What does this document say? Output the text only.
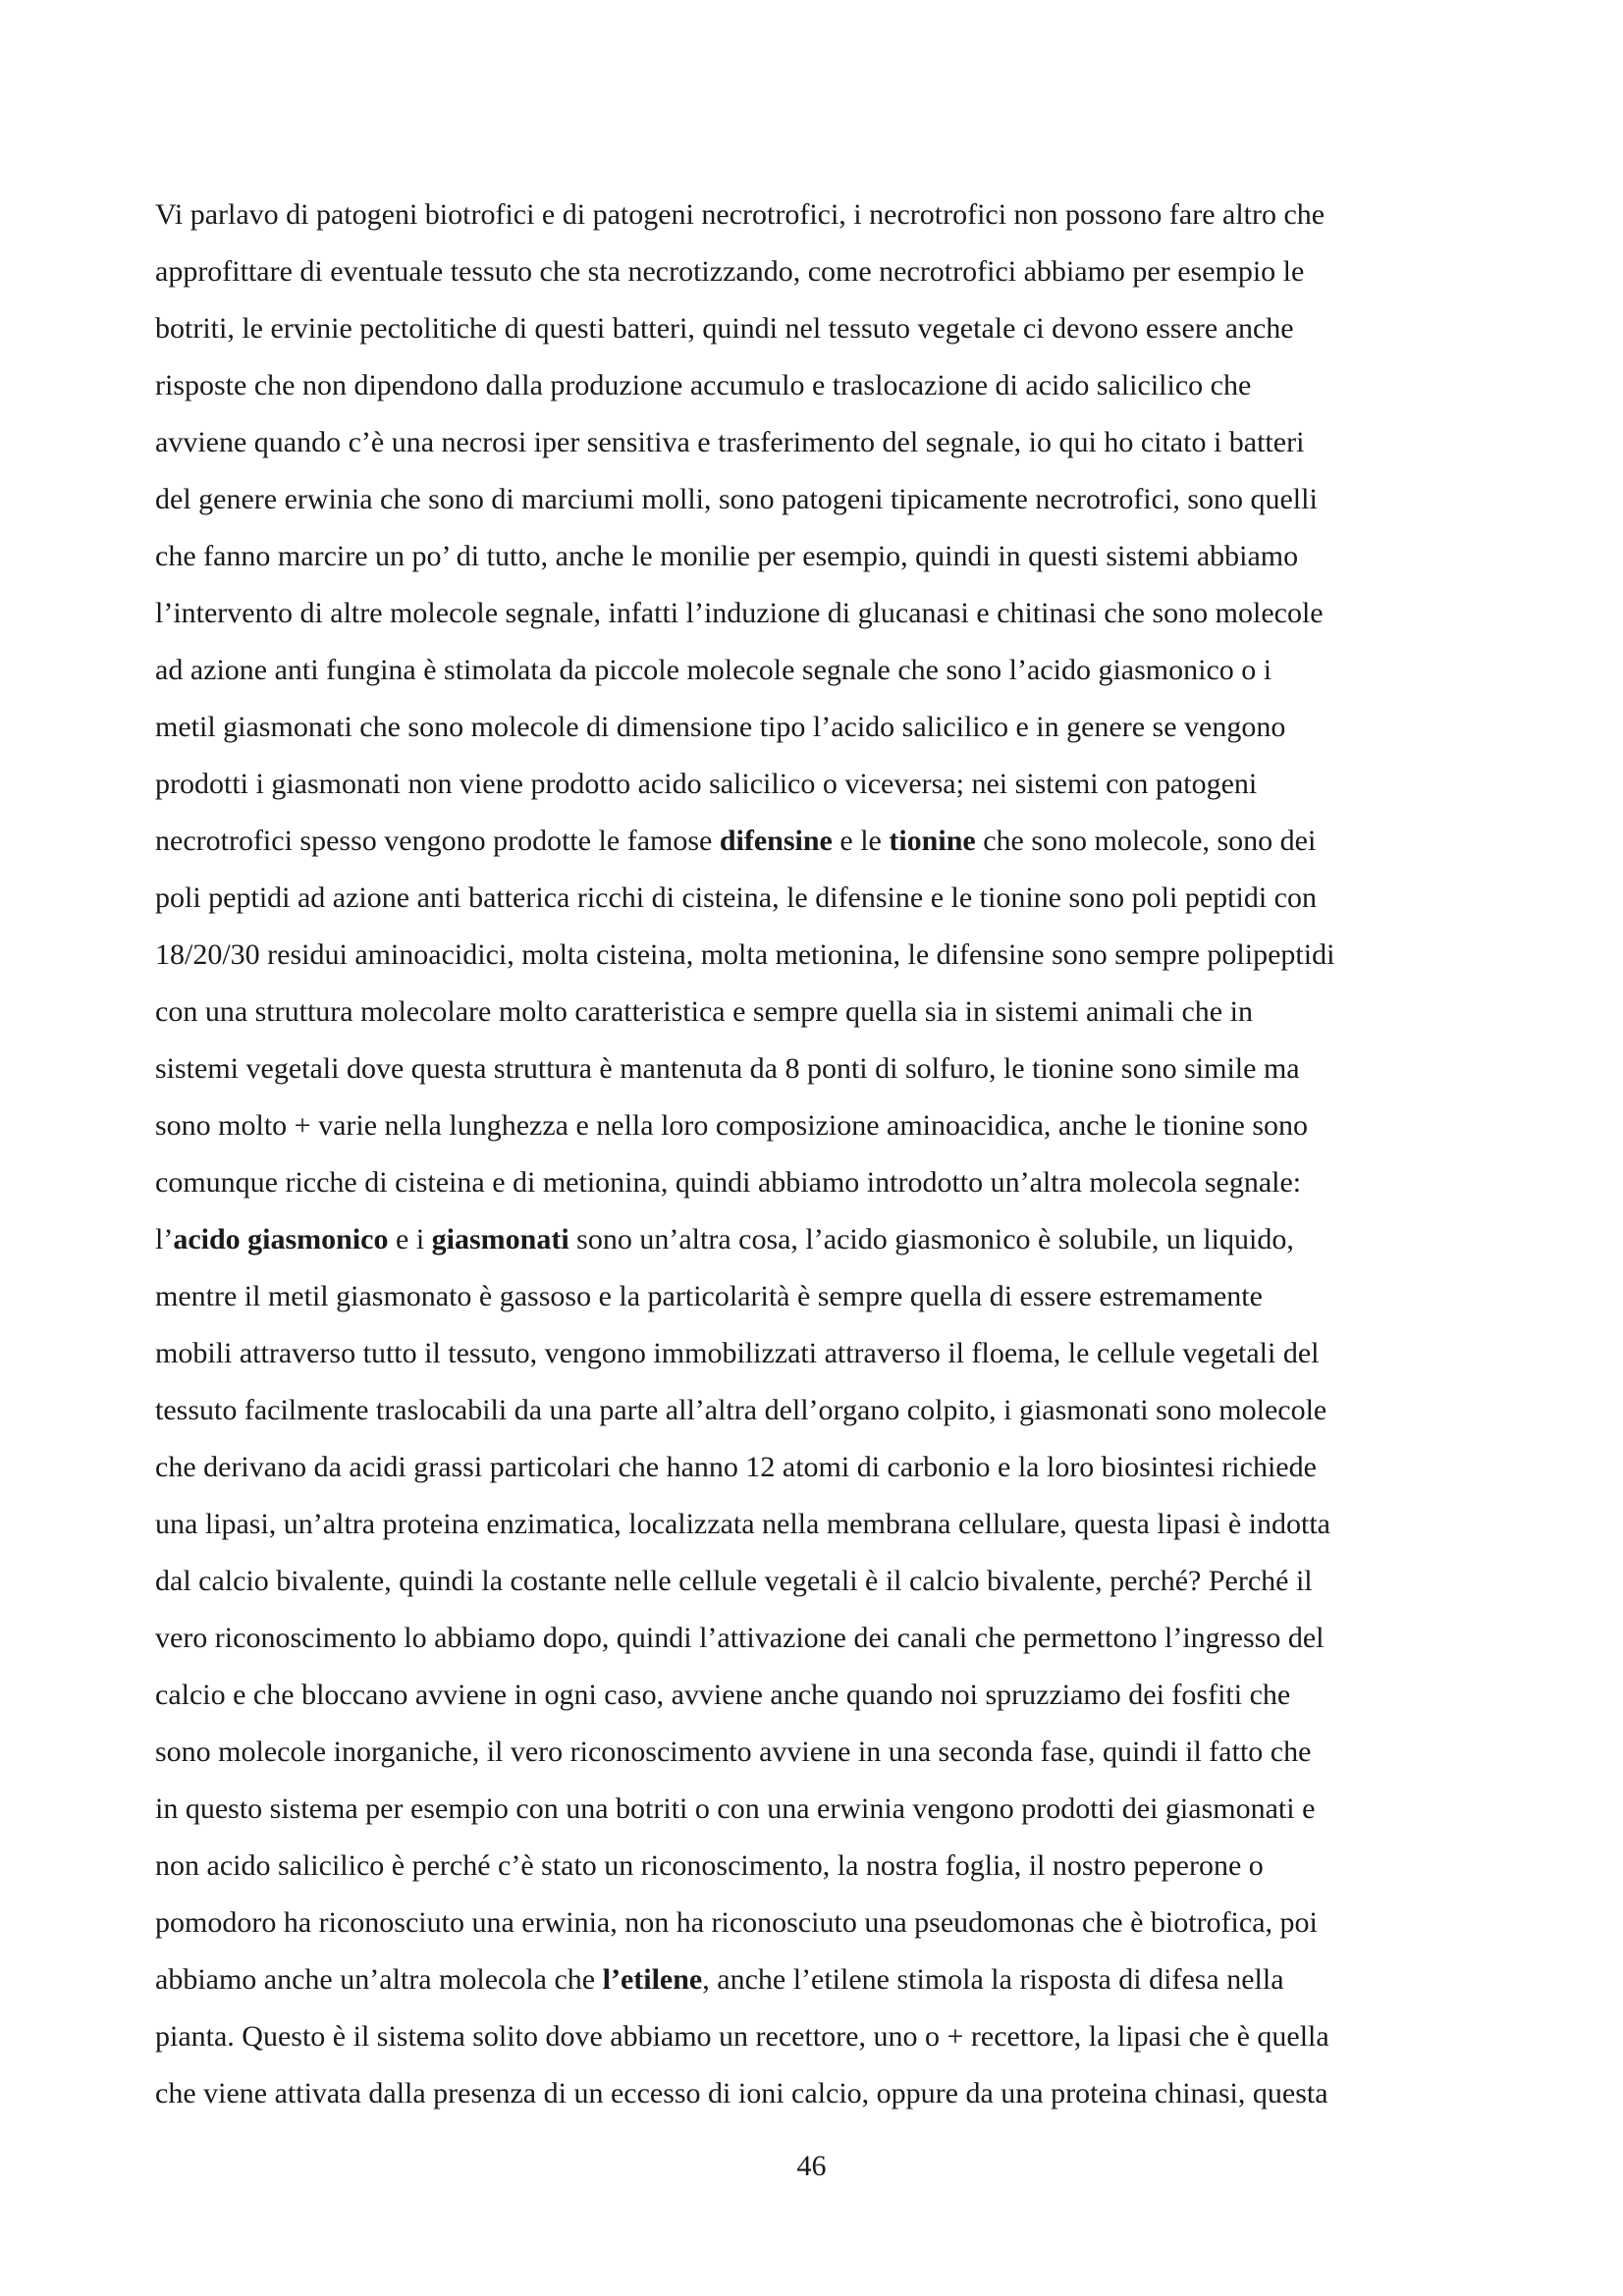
Vi parlavo di patogeni biotrofici e di patogeni necrotrofici, i necrotrofici non possono fare altro che
approfittare di eventuale tessuto che sta necrotizzando, come necrotrofici abbiamo per esempio le
botriti, le ervinie pectolitiche di questi batteri, quindi nel tessuto vegetale ci devono essere anche
risposte che non dipendono dalla produzione accumulo e traslocazione di acido salicilico che
avviene quando c’è una necrosi iper sensitiva e trasferimento del segnale, io qui ho citato i batteri
del genere erwinia che sono di marciumi molli, sono patogeni tipicamente necrotrofici, sono quelli
che fanno marcire un po’ di tutto, anche le monilie per esempio, quindi in questi sistemi abbiamo
l’intervento di altre molecole segnale, infatti l’induzione di glucanasi e chitinasi che sono molecole
ad azione anti fungina è stimolata da piccole molecole segnale che sono l’acido giasmonico o i
metil giasmonati che sono molecole di dimensione tipo l’acido salicilico e in genere se vengono
prodotti i giasmonati non viene prodotto acido salicilico o viceversa; nei sistemi con patogeni
necrotrofici spesso vengono prodotte le famose difensine e le tionine che sono molecole, sono dei
poli peptidi ad azione anti batterica ricchi di cisteina, le difensine e le tionine sono poli peptidi con
18/20/30 residui aminoacidici, molta cisteina, molta metionina, le difensine sono sempre polipeptidi
con una struttura molecolare molto caratteristica e sempre quella sia in sistemi animali che in
sistemi vegetali dove questa struttura è mantenuta da 8 ponti di solfuro, le tionine sono simile ma
sono molto + varie nella lunghezza e nella loro composizione aminoacidica, anche le tionine sono
comunque ricche di cisteina e di metionina, quindi abbiamo introdotto un’altra molecola segnale:
l’acido giasmonico e i giasmonati sono un’altra cosa, l’acido giasmonico è solubile, un liquido,
mentre il metil giasmonato è gassoso e la particolarità è sempre quella di essere estremamente
mobili attraverso tutto il tessuto, vengono immobilizzati attraverso il floema, le cellule vegetali del
tessuto facilmente traslocabili da una parte all’altra dell’organo colpito, i giasmonati sono molecole
che derivano da acidi grassi particolari che hanno 12 atomi di carbonio e la loro biosintesi richiede
una lipasi, un’altra proteina enzimatica, localizzata nella membrana cellulare, questa lipasi è indotta
dal calcio bivalente, quindi la costante nelle cellule vegetali è il calcio bivalente, perché? Perché il
vero riconoscimento lo abbiamo dopo, quindi l’attivazione dei canali che permettono l’ingresso del
calcio e che bloccano avviene in ogni caso, avviene anche quando noi spruzziamo dei fosfiti che
sono molecole inorganiche, il vero riconoscimento avviene in una seconda fase, quindi il fatto che
in questo sistema per esempio con una botriti o con una erwinia vengono prodotti dei giasmonati e
non acido salicilico è perché c’è stato un riconoscimento, la nostra foglia, il nostro peperone o
pomodoro ha riconosciuto una erwinia, non ha riconosciuto una pseudomonas che è biotrofica, poi
abbiamo anche un’altra molecola che l’etilene, anche l’etilene stimola la risposta di difesa nella
pianta. Questo è il sistema solito dove abbiamo un recettore, uno o + recettore, la lipasi che è quella
che viene attivata dalla presenza di un eccesso di ioni calcio, oppure da una proteina chinasi, questa

46
